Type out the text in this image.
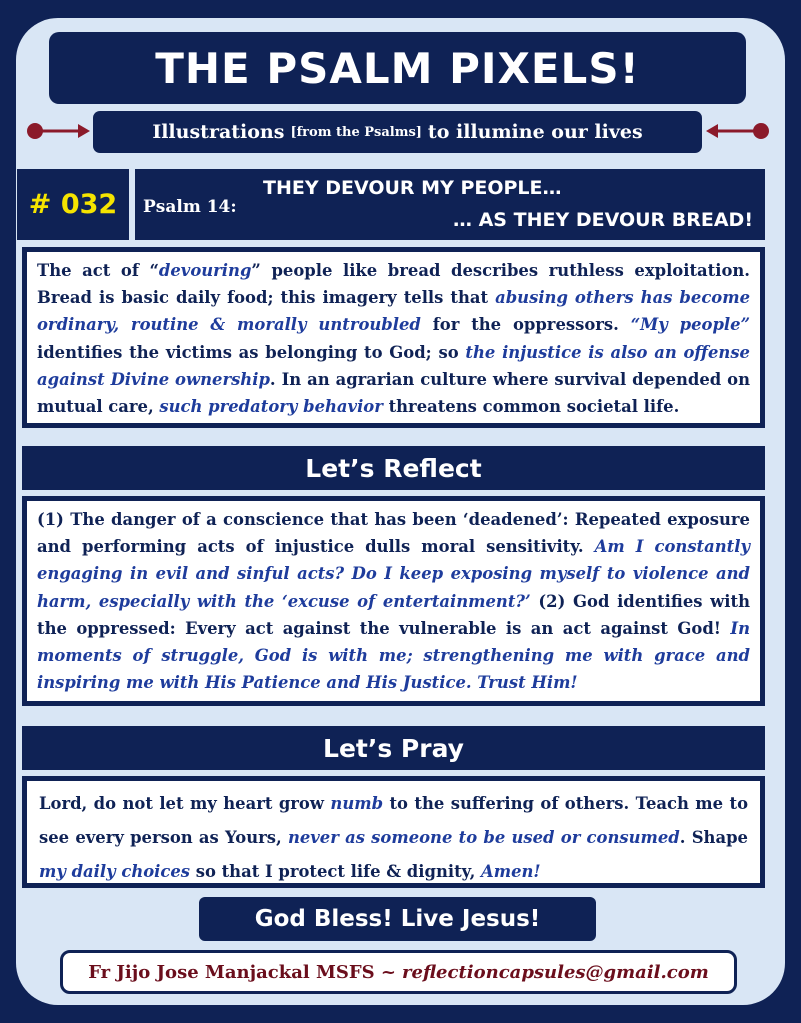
THE PSALM PIXELS!
Illustrations [from the Psalms] to illumine our lives
# 032 Psalm 14:
THEY DEVOUR MY PEOPLE…
… AS THEY DEVOUR BREAD!
The act of “devouring” people like bread describes ruthless exploitation. Bread is basic daily food; this imagery tells that abusing others has become ordinary, routine & morally untroubled for the oppressors. “My people” identifies the victims as belonging to God; so the injustice is also an offense against Divine ownership. In an agrarian culture where survival depended on mutual care, such predatory behavior threatens common societal life.
Let’s Reflect
(1) The danger of a conscience that has been ‘deadened’: Repeated exposure and performing acts of injustice dulls moral sensitivity. Am I constantly engaging in evil and sinful acts? Do I keep exposing myself to violence and harm, especially with the ‘excuse of entertainment?’ (2) God identifies with the oppressed: Every act against the vulnerable is an act against God! In moments of struggle, God is with me; strengthening me with grace and inspiring me with His Patience and His Justice. Trust Him!
Let’s Pray
Lord, do not let my heart grow numb to the suffering of others. Teach me to see every person as Yours, never as someone to be used or consumed. Shape my daily choices so that I protect life & dignity, Amen!
God Bless! Live Jesus!
Fr Jijo Jose Manjackal MSFS ~ reflectioncapsules@gmail.com
